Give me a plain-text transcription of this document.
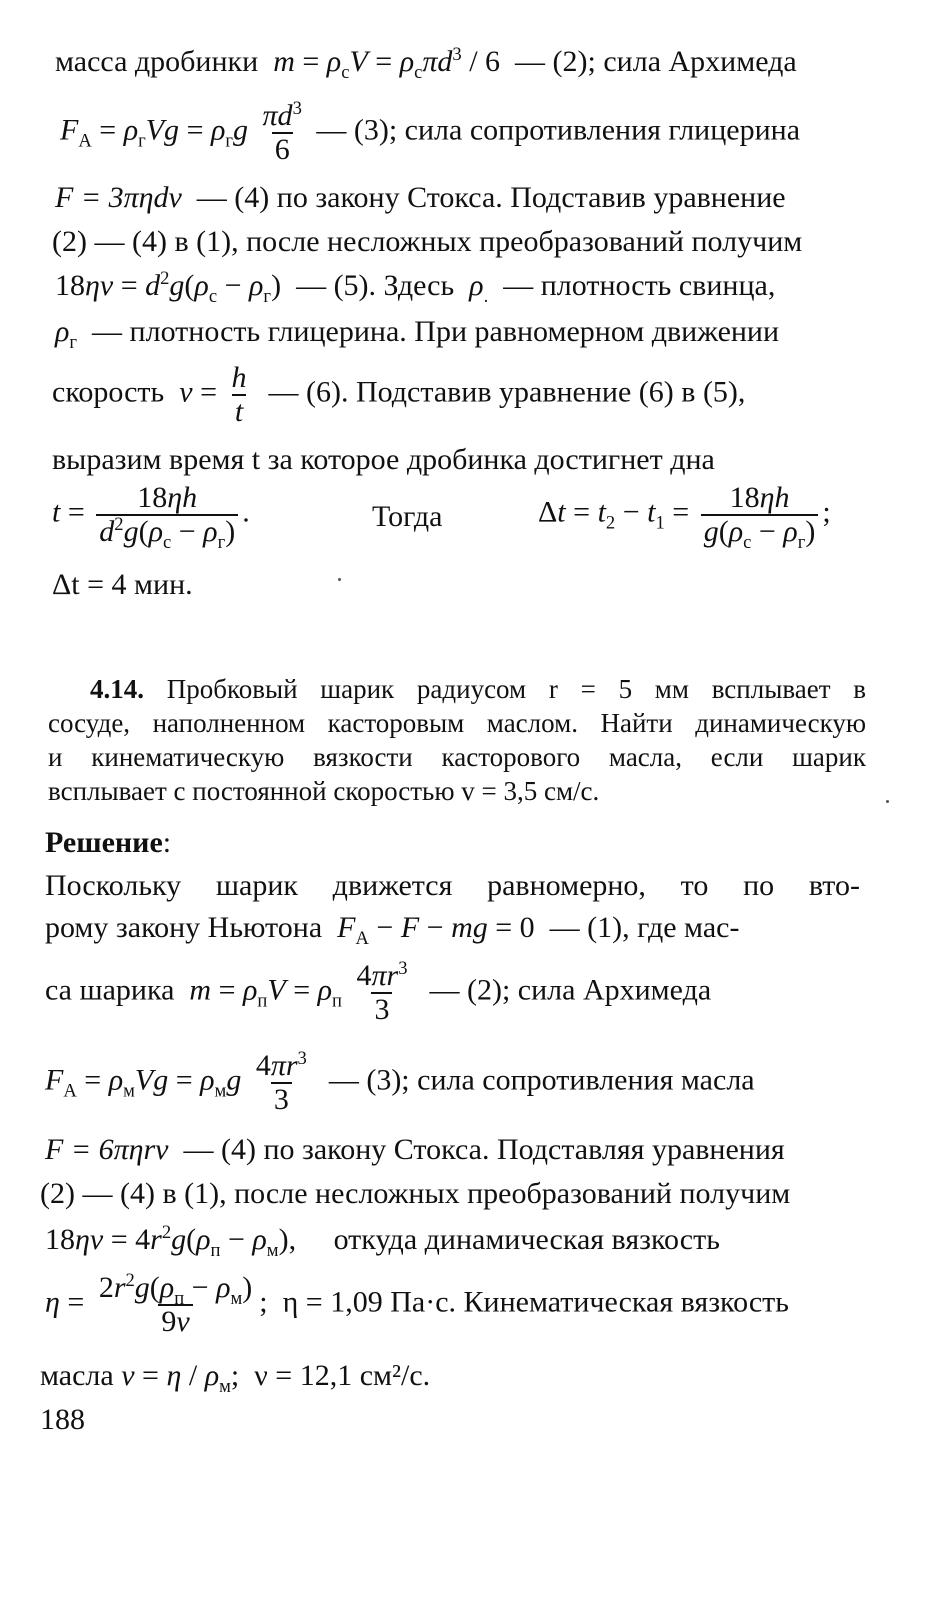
масса дробинки $m = \rho_cV = \rho_c\pi d^3 / 6$  — (2); сила Архимеда
$F_A = \rho_гVg = \rho_гg \frac{\pi d^3}{6}$ — (3); сила сопротивления глицерина
F = 3πηdv — (4) по закону Стокса. Подставив уравнение
(2) — (4) в (1), после несложных преобразований получим
$18\eta v = d^2g(\rho_c - \rho_г)$  — (5). Здесь $\rho_.$ — плотность свинца,
$\rho_г$ — плотность глицерина. При равномерном движении
скорость $v = \frac{h}{t}$ — (6). Подставив уравнение (6) в (5),
выразим время t за которое дробинка достигнет дна
t = 18ηh
$d^2g(\rho_c - \rho_г)$
.	Тогда	$\Delta t = t_2 - t_1 = 18\eta h$
$g(\rho_c - \rho_г)$
;
Δt = 4 мин.
4.14. Пробковый шарик радиусом r = 5 мм всплывает в
сосуде, наполненном касторовым маслом. Найти динамическую
и кинематическую вязкости касторового масла, если шарик
всплывает с постоянной скоростью v = 3,5 см/с.
Решение:
Поскольку шарик движется равномерно, то по вто-
рому закону Ньютона $F_A - F$ − mg = 0  — (1), где мас-
са шарика $m = \rho_пV = \rho_п \frac{4\pi r^3}{3}$ — (2); сила Архимеда
$F_A = \rho_мVg = \rho_мg \frac{4\pi r^3}{3}$ — (3); сила сопротивления масла
F = 6πηrv — (4) по закону Стокса. Подставляя уравнения
(2) — (4) в (1), после несложных преобразований получим
$18\eta v = 4r^2g(\rho_п - \rho_м)$,     откуда динамическая вязкость
$\eta = 2r^2g(\rho_п - \rho_м)$
9v
;  η = 1,09 Па·с. Кинематическая вязкость
масла $\nu = \eta / \rho_м$;  ν = 12,1 см²/с.
188
